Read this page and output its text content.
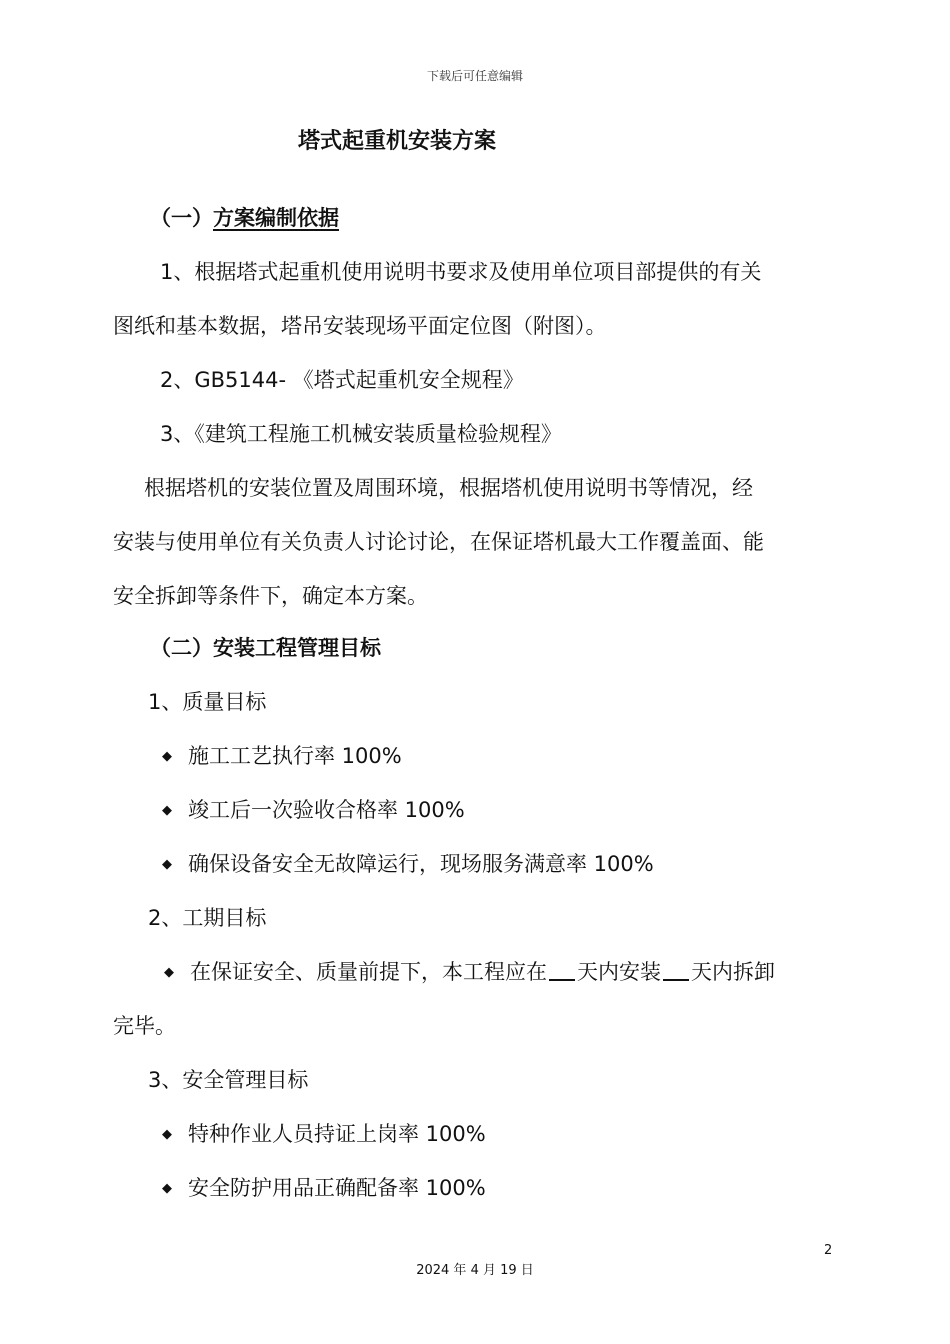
下载后可任意编辑
塔式起重机安装方案
（一）方案编制依据
1、根据塔式起重机使用说明书要求及使用单位项目部提供的有关
图纸和基本数据，塔吊安装现场平面定位图（附图）。
2、GB5144- 《塔式起重机安全规程》
3、《建筑工程施工机械安装质量检验规程》
根据塔机的安装位置及周围环境，根据塔机使用说明书等情况，经
安装与使用单位有关负责人讨论讨论，在保证塔机最大工作覆盖面、能
安全拆卸等条件下，确定本方案。
（二）安装工程管理目标
1、质量目标
◆ 施工工艺执行率 100%
◆ 竣工后一次验收合格率 100%
◆ 确保设备安全无故障运行，现场服务满意率 100%
2、工期目标
◆ 在保证安全、质量前提下，本工程应在 天内安装 天内拆卸
完毕。
3、安全管理目标
◆ 特种作业人员持证上岗率 100%
◆ 安全防护用品正确配备率 100%
2
2024 年 4 月 19 日
